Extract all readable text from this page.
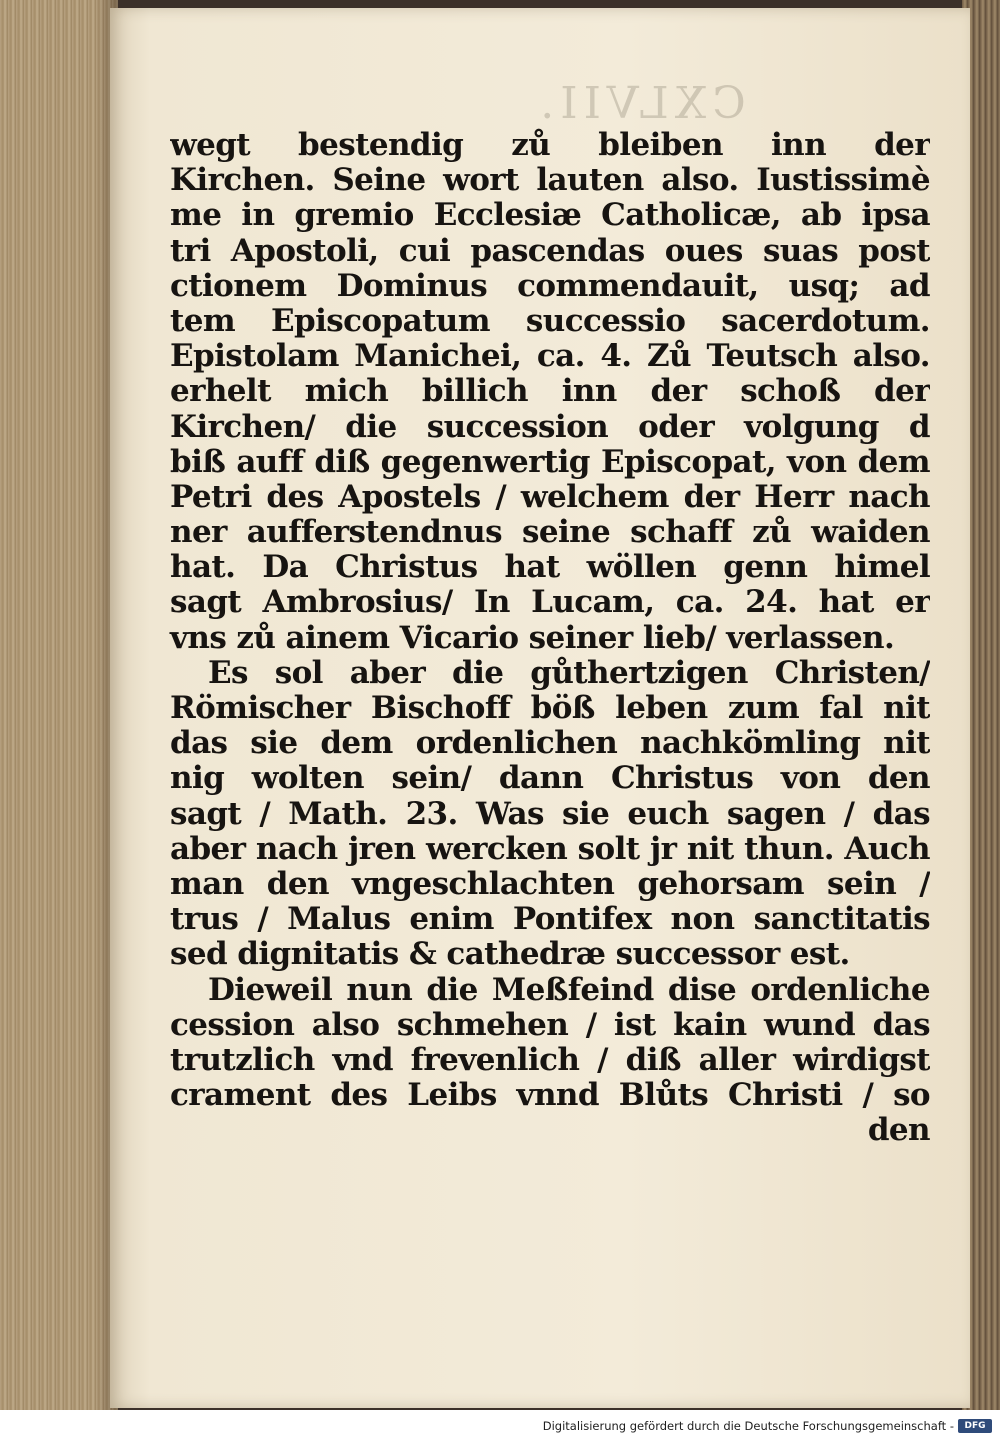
CXLVII.
wegt bestendig zů bleiben inn der
Kirchen. Seine wort lauten also. Iustissimè
me in gremio Ecclesiæ Catholicæ, ab ipsa
tri Apostoli, cui pascendas oues suas post
ctionem Dominus commendauit, usq; ad
tem Episcopatum successio sacerdotum.
Epistolam Manichei, ca. 4. Zů Teutsch also.
erhelt mich billich inn der schoß der
Kirchen/ die succession oder volgung d
biß auff diß gegenwertig Episcopat, von dem
Petri des Apostels / welchem der Herr nach
ner aufferstendnus seine schaff zů waiden
hat. Da Christus hat wöllen genn himel
sagt Ambrosius/ In Lucam, ca. 24. hat er
vns zů ainem Vicario seiner lieb/ verlassen.
Es sol aber die gůthertzigen Christen/
Römischer Bischoff böß leben zum fal nit
das sie dem ordenlichen nachkömling nit
nig wolten sein/ dann Christus von den
sagt / Math. 23. Was sie euch sagen / das
aber nach jren wercken solt jr nit thun. Auch
man den vngeschlachten gehorsam sein /
trus / Malus enim Pontifex non sanctitatis
sed dignitatis & cathedræ successor est.
Dieweil nun die Meßfeind dise ordenliche
cession also schmehen / ist kain wund das
trutzlich vnd frevenlich / diß aller wirdigst
crament des Leibs vnnd Blůts Christi / so
den
Digitalisierung gefördert durch die Deutsche Forschungsgemeinschaft -	DFG
